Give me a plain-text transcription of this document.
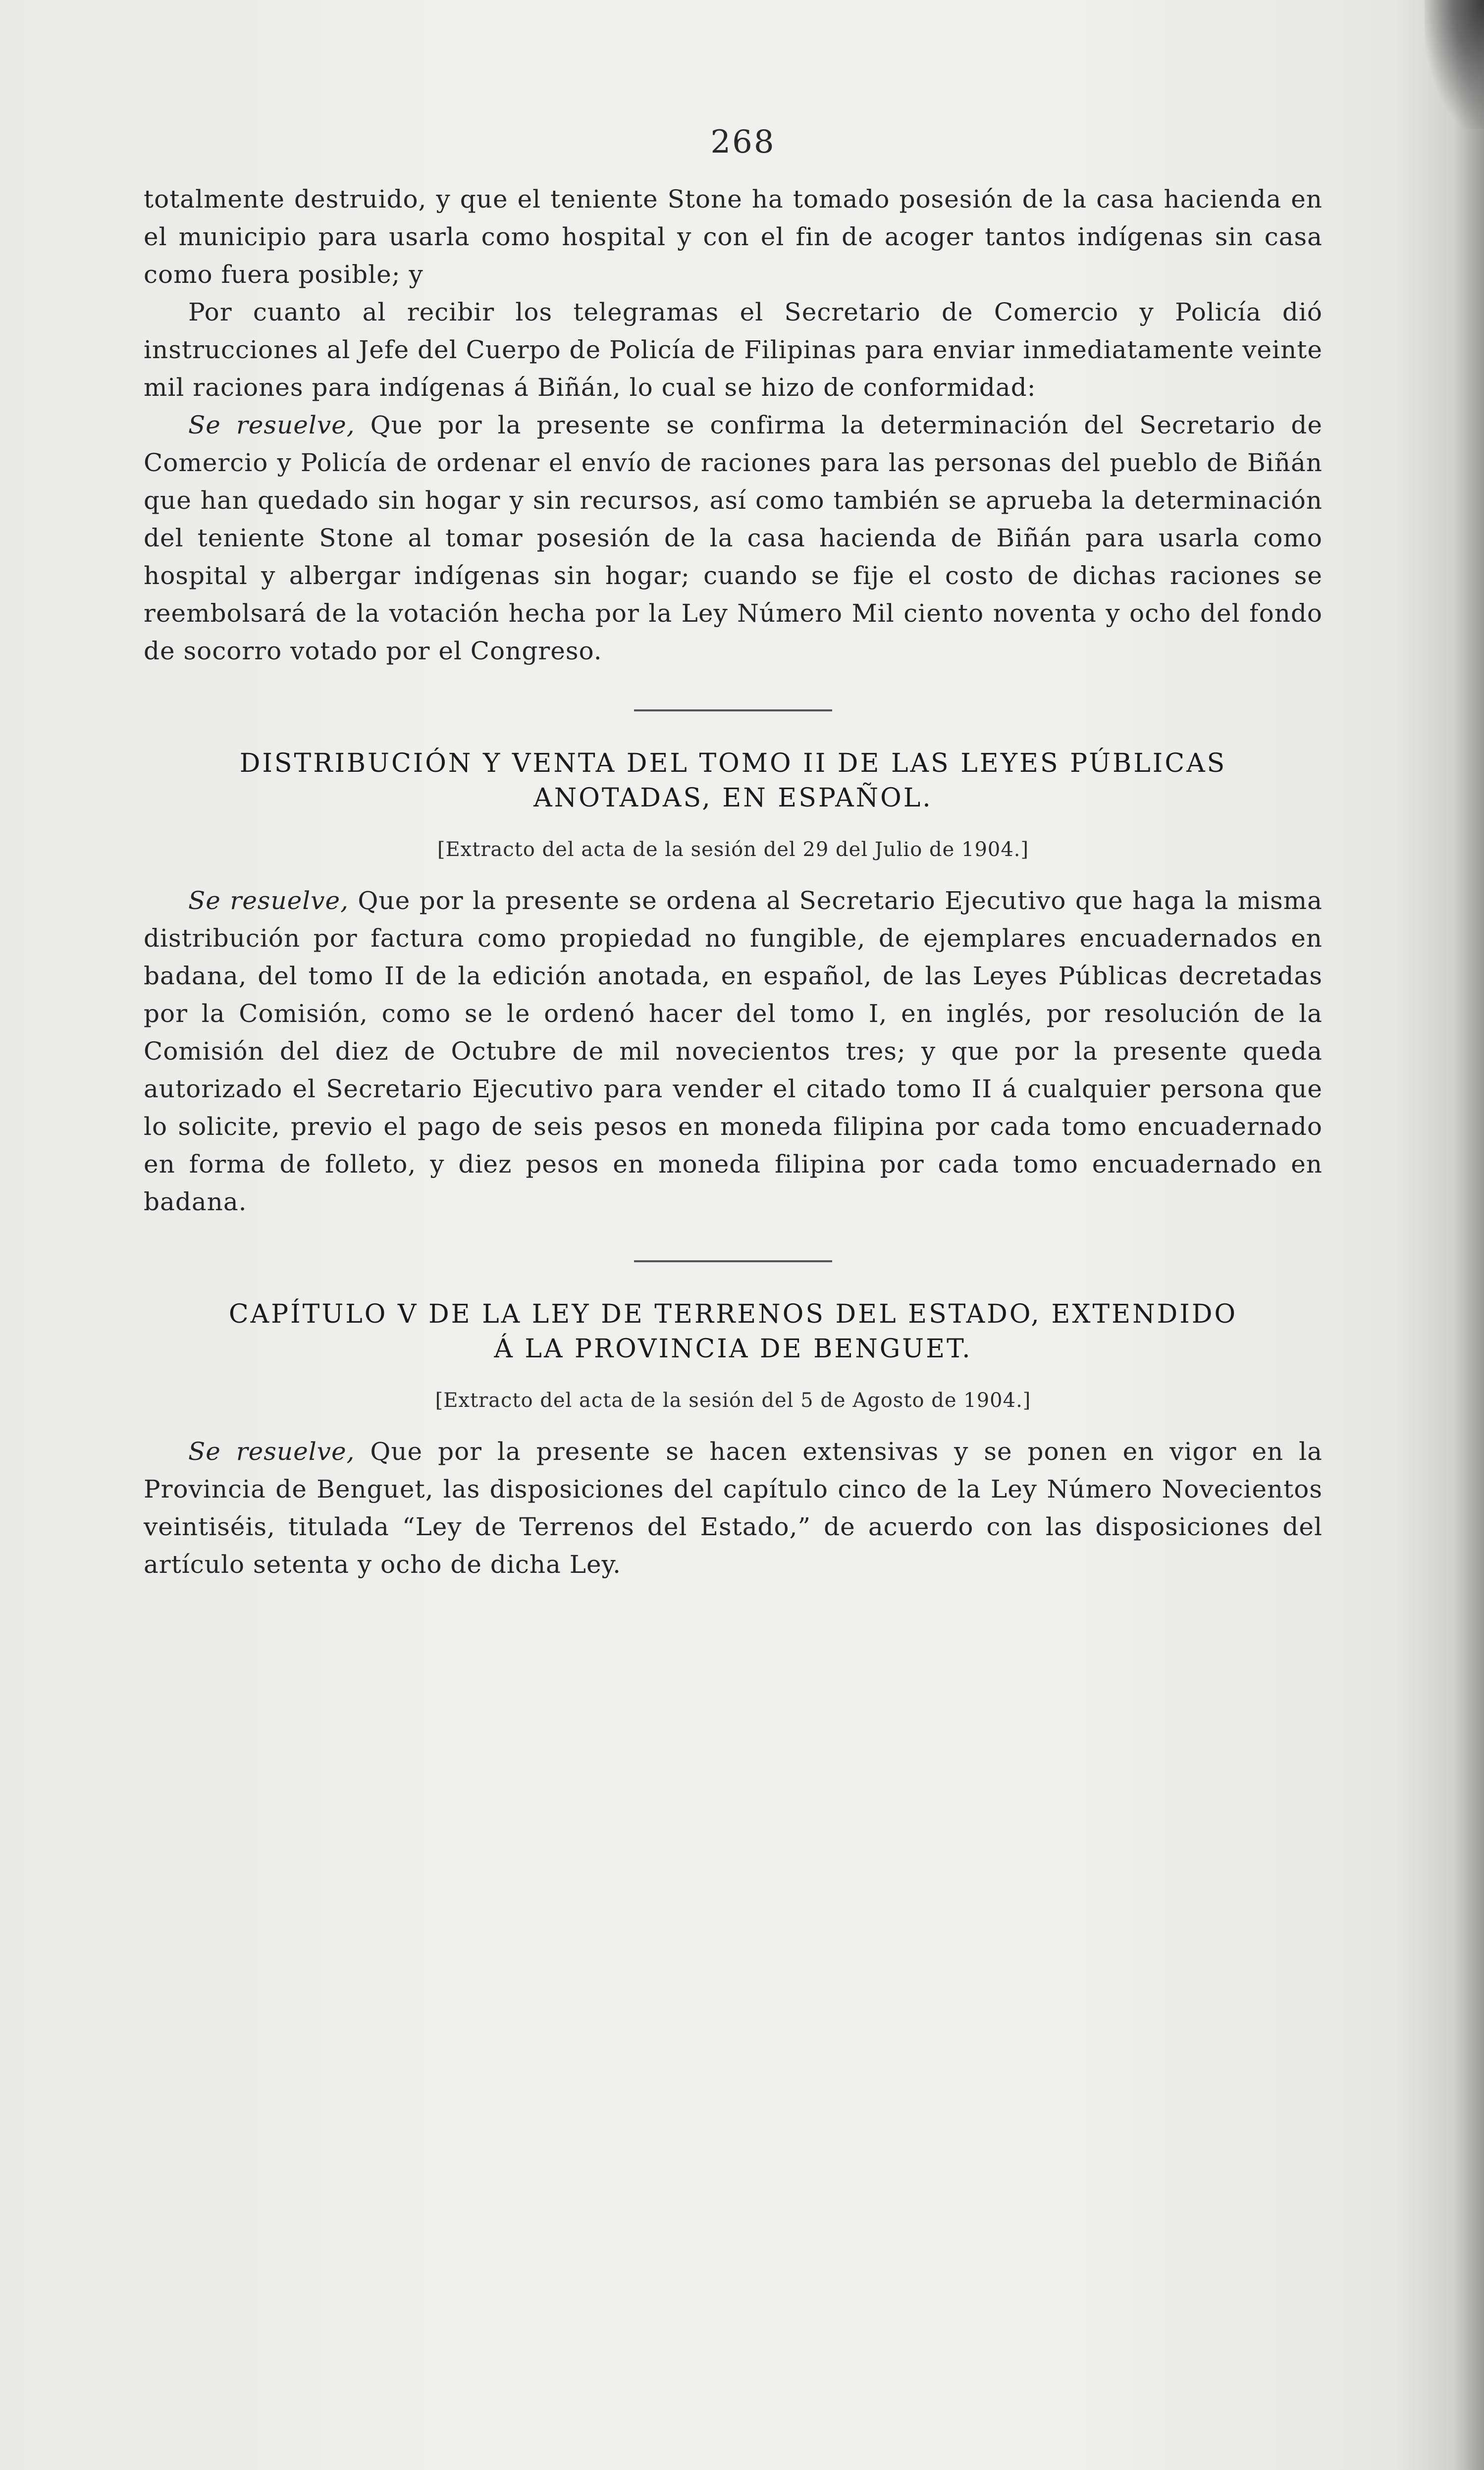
268

totalmente destruido, y que el teniente Stone ha tomado posesión de la casa hacienda en el municipio para usarla como hospital y con el fin de acoger tantos indígenas sin casa como fuera posible; y

Por cuanto al recibir los telegramas el Secretario de Comercio y Policía dió instrucciones al Jefe del Cuerpo de Policía de Filipinas para enviar inmediatamente veinte mil raciones para indígenas á Biñán, lo cual se hizo de conformidad:

Se resuelve, Que por la presente se confirma la determinación del Secretario de Comercio y Policía de ordenar el envío de raciones para las personas del pueblo de Biñán que han quedado sin hogar y sin recursos, así como también se aprueba la determinación del teniente Stone al tomar posesión de la casa hacienda de Biñán para usarla como hospital y albergar indígenas sin hogar; cuando se fije el costo de dichas raciones se reembolsará de la votación hecha por la Ley Número Mil ciento noventa y ocho del fondo de socorro votado por el Congreso.

DISTRIBUCIÓN Y VENTA DEL TOMO II DE LAS LEYES PÚBLICAS
ANOTADAS, EN ESPAÑOL.
[Extracto del acta de la sesión del 29 del Julio de 1904.]

Se resuelve, Que por la presente se ordena al Secretario Ejecutivo que haga la misma distribución por factura como propiedad no fungible, de ejemplares encuadernados en badana, del tomo II de la edición anotada, en español, de las Leyes Públicas decretadas por la Comisión, como se le ordenó hacer del tomo I, en inglés, por resolución de la Comisión del diez de Octubre de mil novecientos tres; y que por la presente queda autorizado el Secretario Ejecutivo para vender el citado tomo II á cualquier persona que lo solicite, previo el pago de seis pesos en moneda filipina por cada tomo encuadernado en forma de folleto, y diez pesos en moneda filipina por cada tomo encuadernado en badana.

CAPÍTULO V DE LA LEY DE TERRENOS DEL ESTADO, EXTENDIDO
Á LA PROVINCIA DE BENGUET.
[Extracto del acta de la sesión del 5 de Agosto de 1904.]

Se resuelve, Que por la presente se hacen extensivas y se ponen en vigor en la Provincia de Benguet, las disposiciones del capítulo cinco de la Ley Número Novecientos veintiséis, titulada “Ley de Terrenos del Estado,” de acuerdo con las disposiciones del artículo setenta y ocho de dicha Ley.
